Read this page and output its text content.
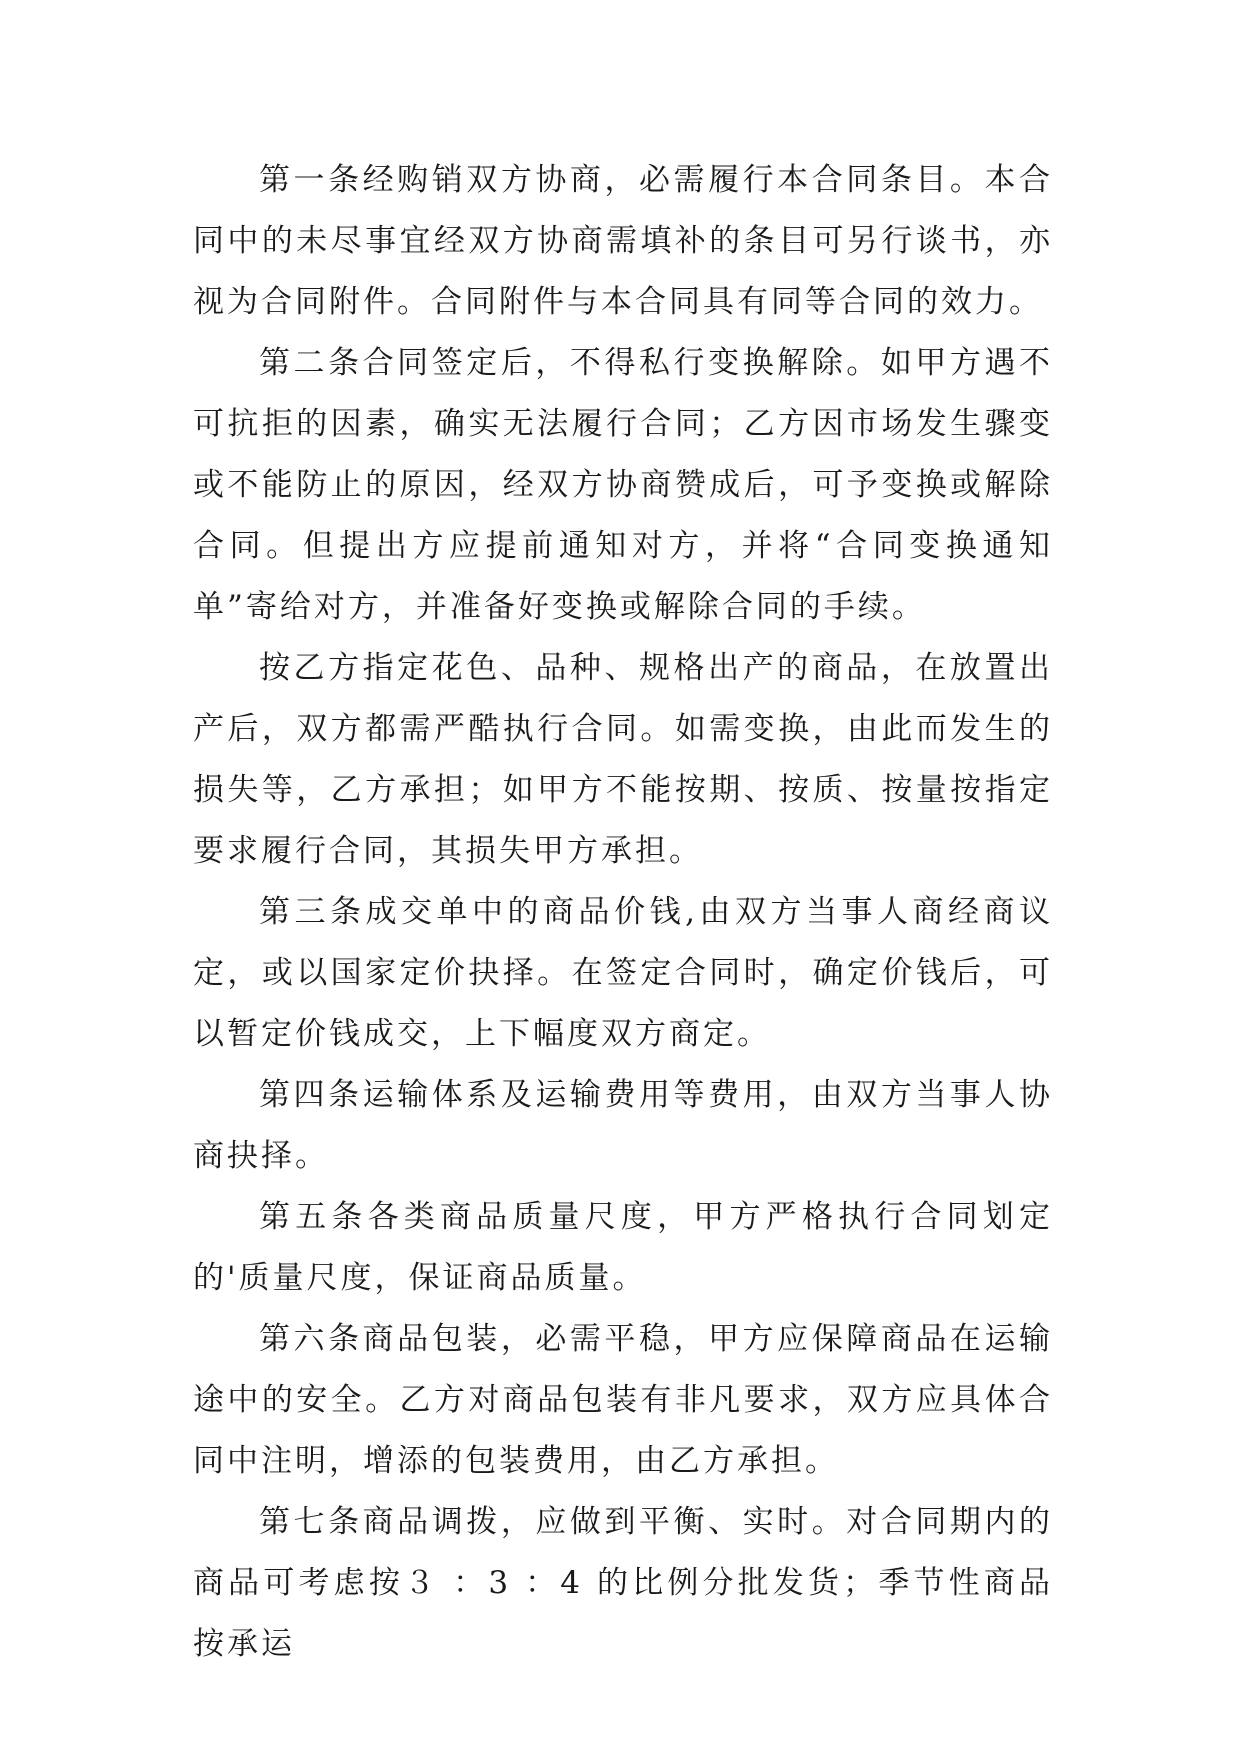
第一条经购销双方协商，必需履行本合同条目。本合同中的未尽事宜经双方协商需填补的条目可另行谈书，亦视为合同附件。合同附件与本合同具有同等合同的效力。

第二条合同签定后，不得私行变换解除。如甲方遇不可抗拒的因素，确实无法履行合同；乙方因市场发生骤变或不能防止的原因，经双方协商赞成后，可予变换或解除合同。但提出方应提前通知对方，并将“合同变换通知单”寄给对方，并准备好变换或解除合同的手续。

按乙方指定花色、品种、规格出产的商品，在放置出产后，双方都需严酷执行合同。如需变换，由此而发生的损失等，乙方承担；如甲方不能按期、按质、按量按指定要求履行合同，其损失甲方承担。

第三条成交单中的商品价钱,由双方当事人商经商议定，或以国家定价抉择。在签定合同时，确定价钱后，可以暂定价钱成交，上下幅度双方商定。

第四条运输体系及运输费用等费用，由双方当事人协商抉择。

第五条各类商品质量尺度，甲方严格执行合同划定的'质量尺度，保证商品质量。

第六条商品包装，必需平稳，甲方应保障商品在运输途中的安全。乙方对商品包装有非凡要求，双方应具体合同中注明，增添的包装费用，由乙方承担。

第七条商品调拨，应做到平衡、实时。对合同期内的商品可考虑按３ ：3 ：4 的比例分批发货；季节性商品按承运
